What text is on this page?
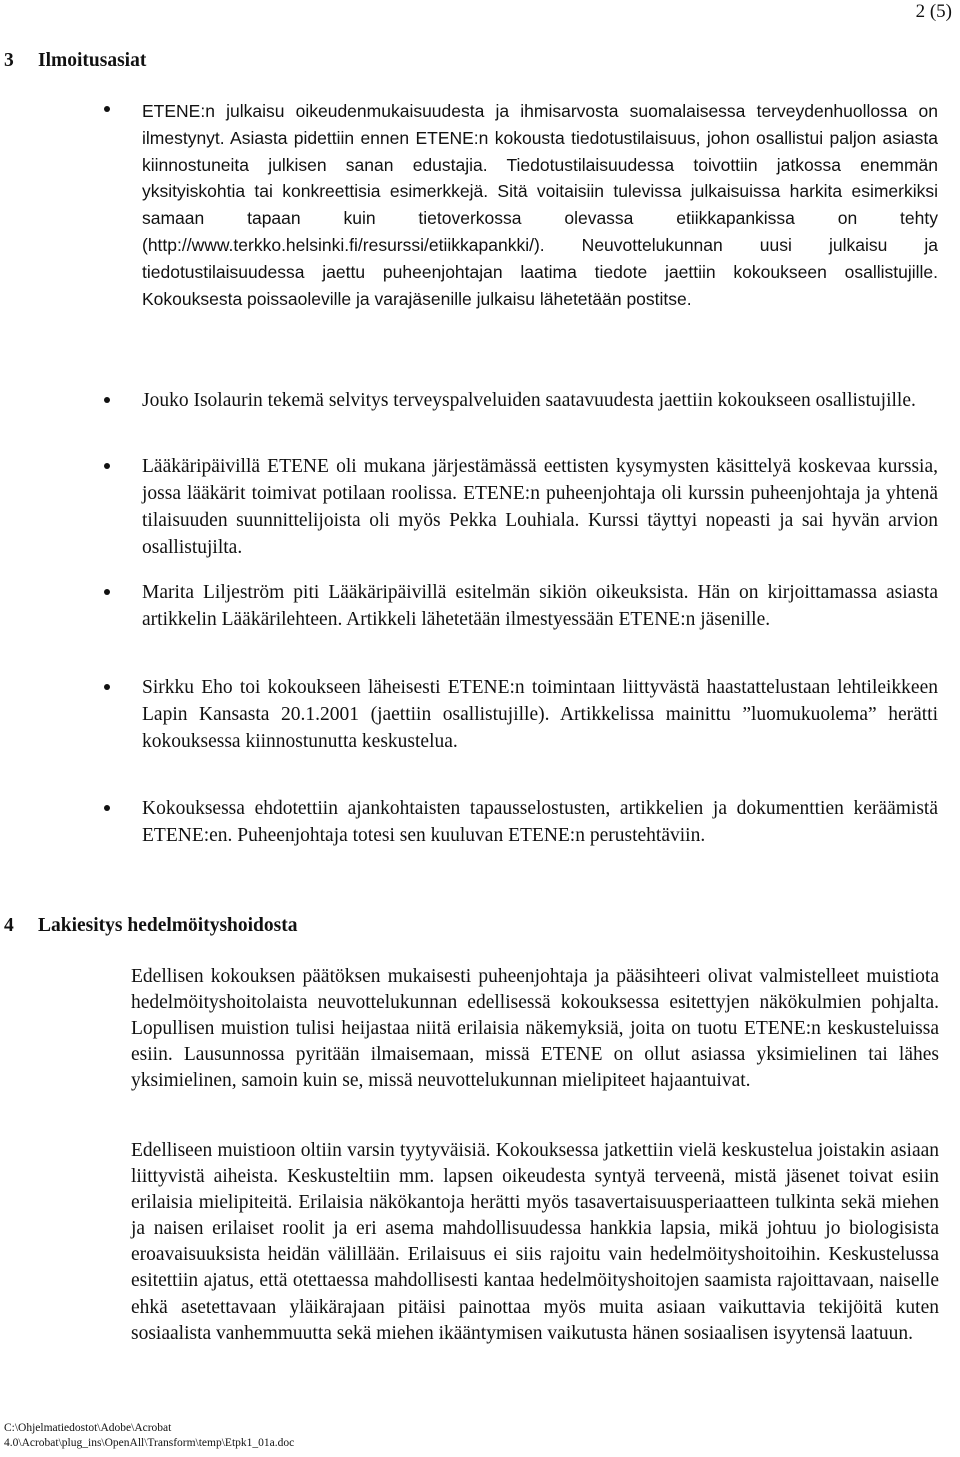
2 (5)
3 Ilmoitusasiat

ETENE:n julkaisu oikeudenmukaisuudesta ja ihmisarvosta suomalaisessa terveydenhuollossa on ilmestynyt. Asiasta pidettiin ennen ETENE:n kokousta tiedotustilaisuus, johon osallistui paljon asiasta kiinnostuneita julkisen sanan edustajia. Tiedotustilaisuudessa toivottiin jatkossa enemmän yksityiskohtia tai konkreettisia esimerkkejä. Sitä voitaisiin tulevissa julkaisuissa harkita esimerkiksi samaan tapaan kuin tietoverkossa olevassa etiikkapankissa on tehty (http://www.terkko.helsinki.fi/resurssi/etiikkapankki/). Neuvottelukunnan uusi julkaisu ja tiedotustilaisuudessa jaettu puheenjohtajan laatima tiedote jaettiin kokoukseen osallistujille. Kokouksesta poissaoleville ja varajäsenille julkaisu lähetetään postitse.

Jouko Isolaurin tekemä selvitys terveyspalveluiden saatavuudesta jaettiin kokoukseen osallistujille.

Lääkäripäivillä ETENE oli mukana järjestämässä eettisten kysymysten käsittelyä koskevaa kurssia, jossa lääkärit toimivat potilaan roolissa. ETENE:n puheenjohtaja oli kurssin puheenjohtaja ja yhtenä tilaisuuden suunnittelijoista oli myös Pekka Louhiala. Kurssi täyttyi nopeasti ja sai hyvän arvion osallistujilta.

Marita Liljeström piti Lääkäripäivillä esitelmän sikiön oikeuksista. Hän on kirjoittamassa asiasta artikkelin Lääkärilehteen. Artikkeli lähetetään ilmestyessään ETENE:n jäsenille.

Sirkku Eho toi kokoukseen läheisesti ETENE:n toimintaan liittyvästä haastattelustaan lehtileikkeen Lapin Kansasta 20.1.2001 (jaettiin osallistujille). Artikkelissa mainittu ”luomukuolema” herätti kokouksessa kiinnostunutta keskustelua.

Kokouksessa ehdotettiin ajankohtaisten tapausselostusten, artikkelien ja dokumenttien keräämistä ETENE:en. Puheenjohtaja totesi sen kuuluvan ETENE:n perustehtäviin.

4 Lakiesitys hedelmöityshoidosta

Edellisen kokouksen päätöksen mukaisesti puheenjohtaja ja pääsihteeri olivat valmistelleet muistiota hedelmöityshoitolaista neuvottelukunnan edellisessä kokouksessa esitettyjen näkökulmien pohjalta. Lopullisen muistion tulisi heijastaa niitä erilaisia näkemyksiä, joita on tuotu ETENE:n keskusteluissa esiin. Lausunnossa pyritään ilmaisemaan, missä ETENE on ollut asiassa yksimielinen tai lähes yksimielinen, samoin kuin se, missä neuvottelukunnan mielipiteet hajaantuivat.

Edelliseen muistioon oltiin varsin tyytyväisiä. Kokouksessa jatkettiin vielä keskustelua joistakin asiaan liittyvistä aiheista. Keskusteltiin mm. lapsen oikeudesta syntyä terveenä, mistä jäsenet toivat esiin erilaisia mielipiteitä. Erilaisia näkökantoja herätti myös tasavertaisuusperiaatteen tulkinta sekä miehen ja naisen erilaiset roolit ja eri asema mahdollisuudessa hankkia lapsia, mikä johtuu jo biologisista eroavaisuuksista heidän välillään. Erilaisuus ei siis rajoitu vain hedelmöityshoitoihin. Keskustelussa esitettiin ajatus, että otettaessa mahdollisesti kantaa hedelmöityshoitojen saamista rajoittavaan, naiselle ehkä asetettavaan yläikärajaan pitäisi painottaa myös muita asiaan vaikuttavia tekijöitä kuten sosiaalista vanhemmuutta sekä miehen ikääntymisen vaikutusta hänen sosiaalisen isyytensä laatuun.

C:\Ohjelmatiedostot\Adobe\Acrobat
4.0\Acrobat\plug_ins\OpenAll\Transform\temp\Etpk1_01a.doc
